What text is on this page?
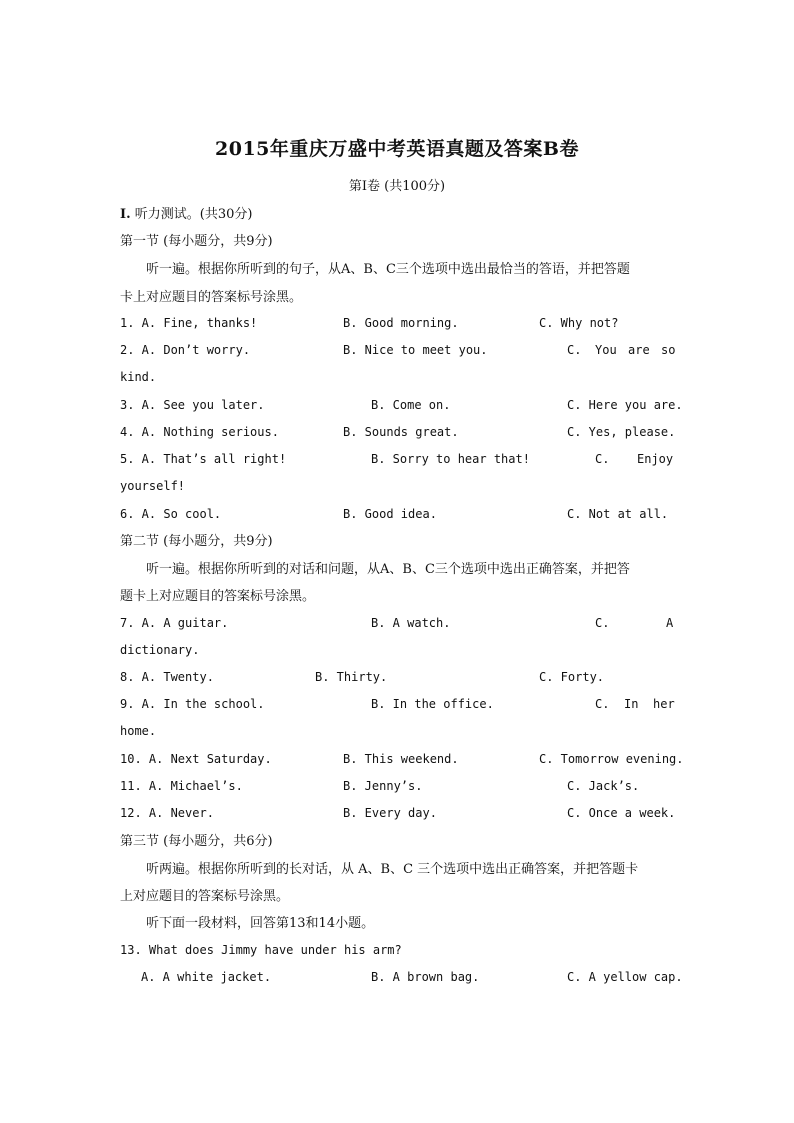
2015年重庆万盛中考英语真题及答案B卷
第Ⅰ卷 (共100分)
I. 听力测试。(共30分)
第一节 (每小题分，共9分)
听一遍。根据你所听到的句子，从A、B、C三个选项中选出最恰当的答语，并把答题
卡上对应题目的答案标号涂黑。
1. A. Fine, thanks!	B. Good morning.	C. Why not?
2. A. Don’t worry.	B. Nice to meet you.	C. You are so
kind.
3. A. See you later.	B. Come on.	C. Here you are.
4. A. Nothing serious.	B. Sounds great.	C. Yes, please.
5. A. That’s all right!	B. Sorry to hear that!	C. Enjoy
yourself!
6. A. So cool.	B. Good idea.	C. Not at all.
第二节 (每小题分，共9分)
听一遍。根据你所听到的对话和问题，从A、B、C三个选项中选出正确答案，并把答
题卡上对应题目的答案标号涂黑。
7. A. A guitar.	B. A watch.	C.	A
dictionary.
8. A. Twenty.	B. Thirty.	C. Forty.
9. A. In the school.	B. In the office.	C. In her
home.
10. A. Next Saturday.	B. This weekend.	C. Tomorrow evening.
11. A. Michael’s.	B. Jenny’s.	C. Jack’s.
12. A. Never.	B. Every day.	C. Once a week.
第三节 (每小题分，共6分)
听两遍。根据你所听到的长对话，从 A、B、C 三个选项中选出正确答案，并把答题卡
上对应题目的答案标号涂黑。
听下面一段材料，回答第13和14小题。
13. What does Jimmy have under his arm?
A. A white jacket.	B. A brown bag.	C. A yellow cap.
